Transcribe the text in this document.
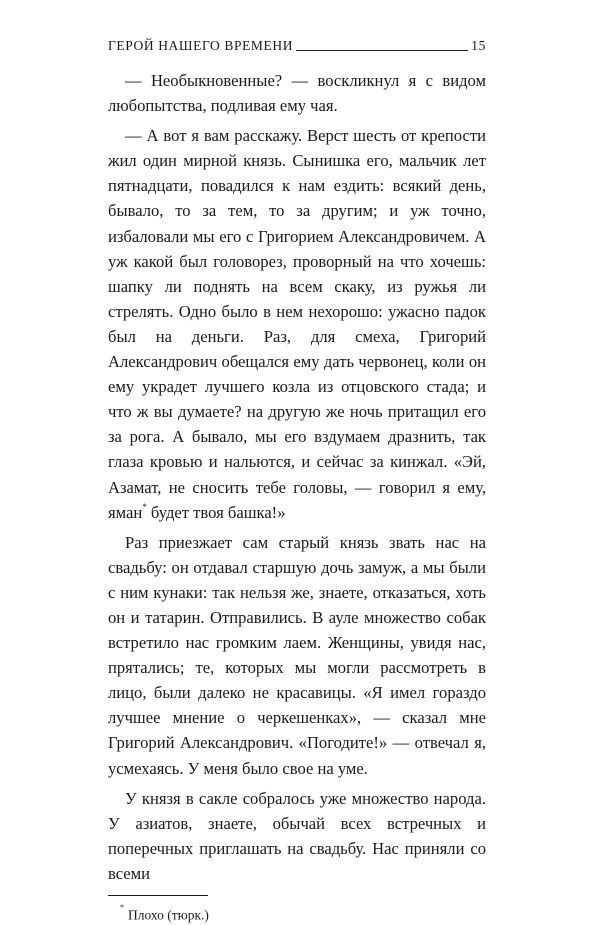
ГЕРОЙ НАШЕГО ВРЕМЕНИ	15

— Необыкновенные? — воскликнул я с видом любопытства, подливая ему чая.

— А вот я вам расскажу. Верст шесть от крепости жил один мирной князь. Сынишка его, мальчик лет пятнадцати, повадился к нам ездить: всякий день, бывало, то за тем, то за другим; и уж точно, избаловали мы его с Григорием Александровичем. А уж какой был головорез, проворный на что хочешь: шапку ли поднять на всем скаку, из ружья ли стрелять. Одно было в нем нехорошо: ужасно падок был на деньги. Раз, для смеха, Григорий Александрович обещался ему дать червонец, коли он ему украдет лучшего козла из отцовского стада; и что ж вы думаете? на другую же ночь притащил его за рога. А бывало, мы его вздумаем дразнить, так глаза кровью и нальются, и сейчас за кинжал. «Эй, Азамат, не сносить тебе головы, — говорил я ему, яман* будет твоя башка!»

Раз приезжает сам старый князь звать нас на свадьбу: он отдавал старшую дочь замуж, а мы были с ним кунаки: так нельзя же, знаете, отказаться, хоть он и татарин. Отправились. В ауле множество собак встретило нас громким лаем. Женщины, увидя нас, прятались; те, которых мы могли рассмотреть в лицо, были далеко не красавицы. «Я имел гораздо лучшее мнение о черкешенках», — сказал мне Григорий Александрович. «Погодите!» — отвечал я, усмехаясь. У меня было свое на уме.

У князя в сакле собралось уже множество народа. У азиатов, знаете, обычай всех встречных и поперечных приглашать на свадьбу. Нас приняли со всеми

* Плохо (тюрк.)
